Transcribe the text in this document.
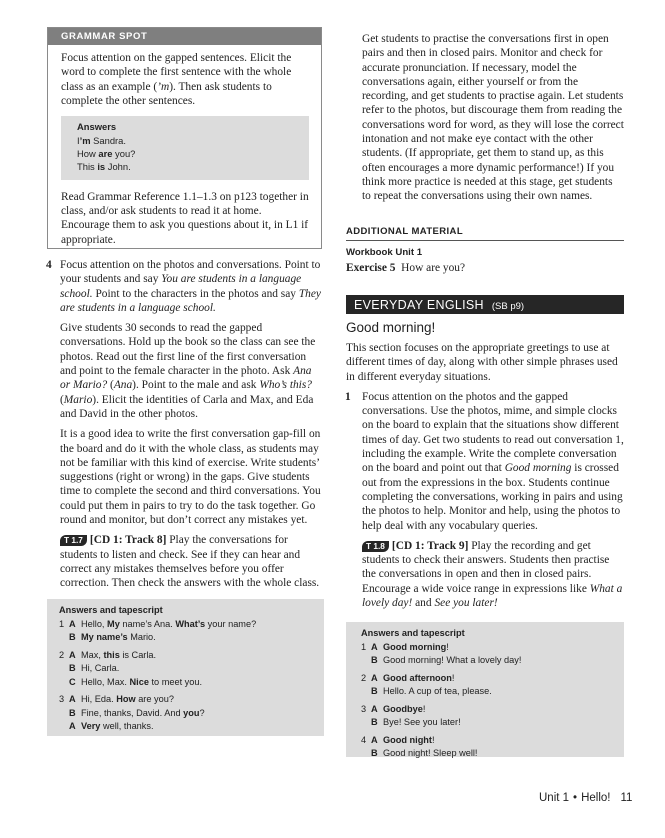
GRAMMAR SPOT

Focus attention on the gapped sentences. Elicit the word to complete the first sentence with the whole class as an example (’m). Then ask students to complete the other sentences.

Answers
I’m Sandra.
How are you?
This is John.

Read Grammar Reference 1.1–1.3 on p123 together in class, and/or ask students to read it at home. Encourage them to ask you questions about it, in L1 if appropriate.

4 Focus attention on the photos and conversations. Point to your students and say You are students in a language school. Point to the characters in the photos and say They are students in a language school.

Give students 30 seconds to read the gapped conversations. Hold up the book so the class can see the photos. Read out the first line of the first conversation and point to the female character in the photo. Ask Ana or Mario? (Ana). Point to the male and ask Who’s this? (Mario). Elicit the identities of Carla and Max, and Eda and David in the other photos.

It is a good idea to write the first conversation gap-fill on the board and do it with the whole class, as students may not be familiar with this kind of exercise. Write students’ suggestions (right or wrong) in the gaps. Give students time to complete the second and third conversations. You could put them in pairs to try to do the task together. Go round and monitor, but don’t correct any mistakes yet.

T 1.7 [CD 1: Track 8] Play the conversations for students to listen and check. See if they can hear and correct any mistakes themselves before you offer correction. Then check the answers with the whole class.

Answers and tapescript
1 A Hello, My name’s Ana. What’s your name?
B My name’s Mario.
2 A Max, this is Carla.
B Hi, Carla.
C Hello, Max. Nice to meet you.
3 A Hi, Eda. How are you?
B Fine, thanks, David. And you?
A Very well, thanks.

Get students to practise the conversations first in open pairs and then in closed pairs. Monitor and check for accurate pronunciation. If necessary, model the conversations again, either yourself or from the recording, and get students to practise again. Let students refer to the photos, but discourage them from reading the conversations word for word, as they will lose the correct intonation and not make eye contact with the other students. (If appropriate, get them to stand up, as this often encourages a more dynamic performance!) If you think more practice is needed at this stage, get students to repeat the conversations using their own names.

ADDITIONAL MATERIAL
Workbook Unit 1

Exercise 5 How are you?

EVERYDAY ENGLISH (SB p9)
Good morning!

This section focuses on the appropriate greetings to use at different times of day, along with other simple phrases used in different everyday situations.

1 Focus attention on the photos and the gapped conversations. Use the photos, mime, and simple clocks on the board to explain that the situations show different times of day. Get two students to read out conversation 1, including the example. Write the complete conversation on the board and point out that Good morning is crossed out from the expressions in the box. Students continue completing the conversations, working in pairs and using the photos to help. Monitor and help, using the photos to help deal with any vocabulary queries.

T 1.8 [CD 1: Track 9] Play the recording and get students to check their answers. Students then practise the conversations in open and then in closed pairs. Encourage a wide voice range in expressions like What a lovely day! and See you later!

Answers and tapescript
1 A Good morning!
B Good morning! What a lovely day!
2 A Good afternoon!
B Hello. A cup of tea, please.
3 A Goodbye!
B Bye! See you later!
4 A Good night!
B Good night! Sleep well!
Unit 1 • Hello! 11
